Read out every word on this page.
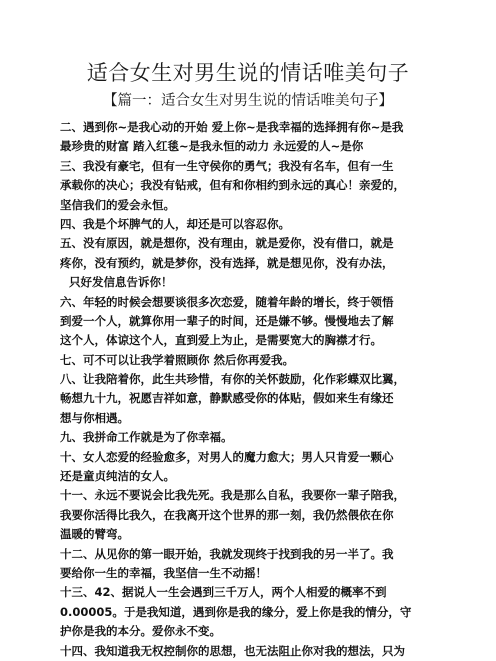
适合女生对男生说的情话唯美句子
【篇一：适合女生对男生说的情话唯美句子】
二、遇到你~是我心动的开始 爱上你~是我幸福的选择拥有你~是我
最珍贵的财富 踏入红毯~是我永恒的动力 永远爱的人~是你
三、我没有豪宅，但有一生守侯你的勇气；我没有名车，但有一生
承载你的决心；我没有钻戒，但有和你相约到永远的真心！亲爱的，
坚信我们的爱会永恒。
四、我是个坏脾气的人，却还是可以容忍你。
五、没有原因，就是想你，没有理由，就是爱你，没有借口，就是
疼你，没有预约，就是梦你，没有选择，就是想见你，没有办法，
只好发信息告诉你！
六、年轻的时候会想要谈很多次恋爱，随着年龄的增长，终于领悟
到爱一个人，就算你用一辈子的时间，还是嫌不够。慢慢地去了解
这个人，体谅这个人，直到爱上为止，是需要宽大的胸襟才行。
七、可不可以让我学着照顾你 然后你再爱我。
八、让我陪着你，此生共珍惜，有你的关怀鼓励，化作彩蝶双比翼，
畅想九十九，祝愿吉祥如意，静默感受你的体贴，假如来生有缘还
想与你相遇。
九、我拼命工作就是为了你幸福。
十、女人恋爱的经验愈多，对男人的魔力愈大；男人只肯爱一颗心
还是童贞纯洁的女人。
十一、永远不要说会比我先死。我是那么自私，我要你一辈子陪我，
我要你活得比我久，在我离开这个世界的那一刻，我仍然偎依在你
温暖的臂弯。
十二、从见你的第一眼开始，我就发现终于找到我的另一半了。我
要给你一生的幸福，我坚信一生不动摇！
十三、42、据说人一生会遇到三千万人，两个人相爱的概率不到
0.00005。于是我知道，遇到你是我的缘分，爱上你是我的情分，守
护你是我的本分。爱你永不变。
十四、我知道我无权控制你的思想，也无法阻止你对我的想法，只为
